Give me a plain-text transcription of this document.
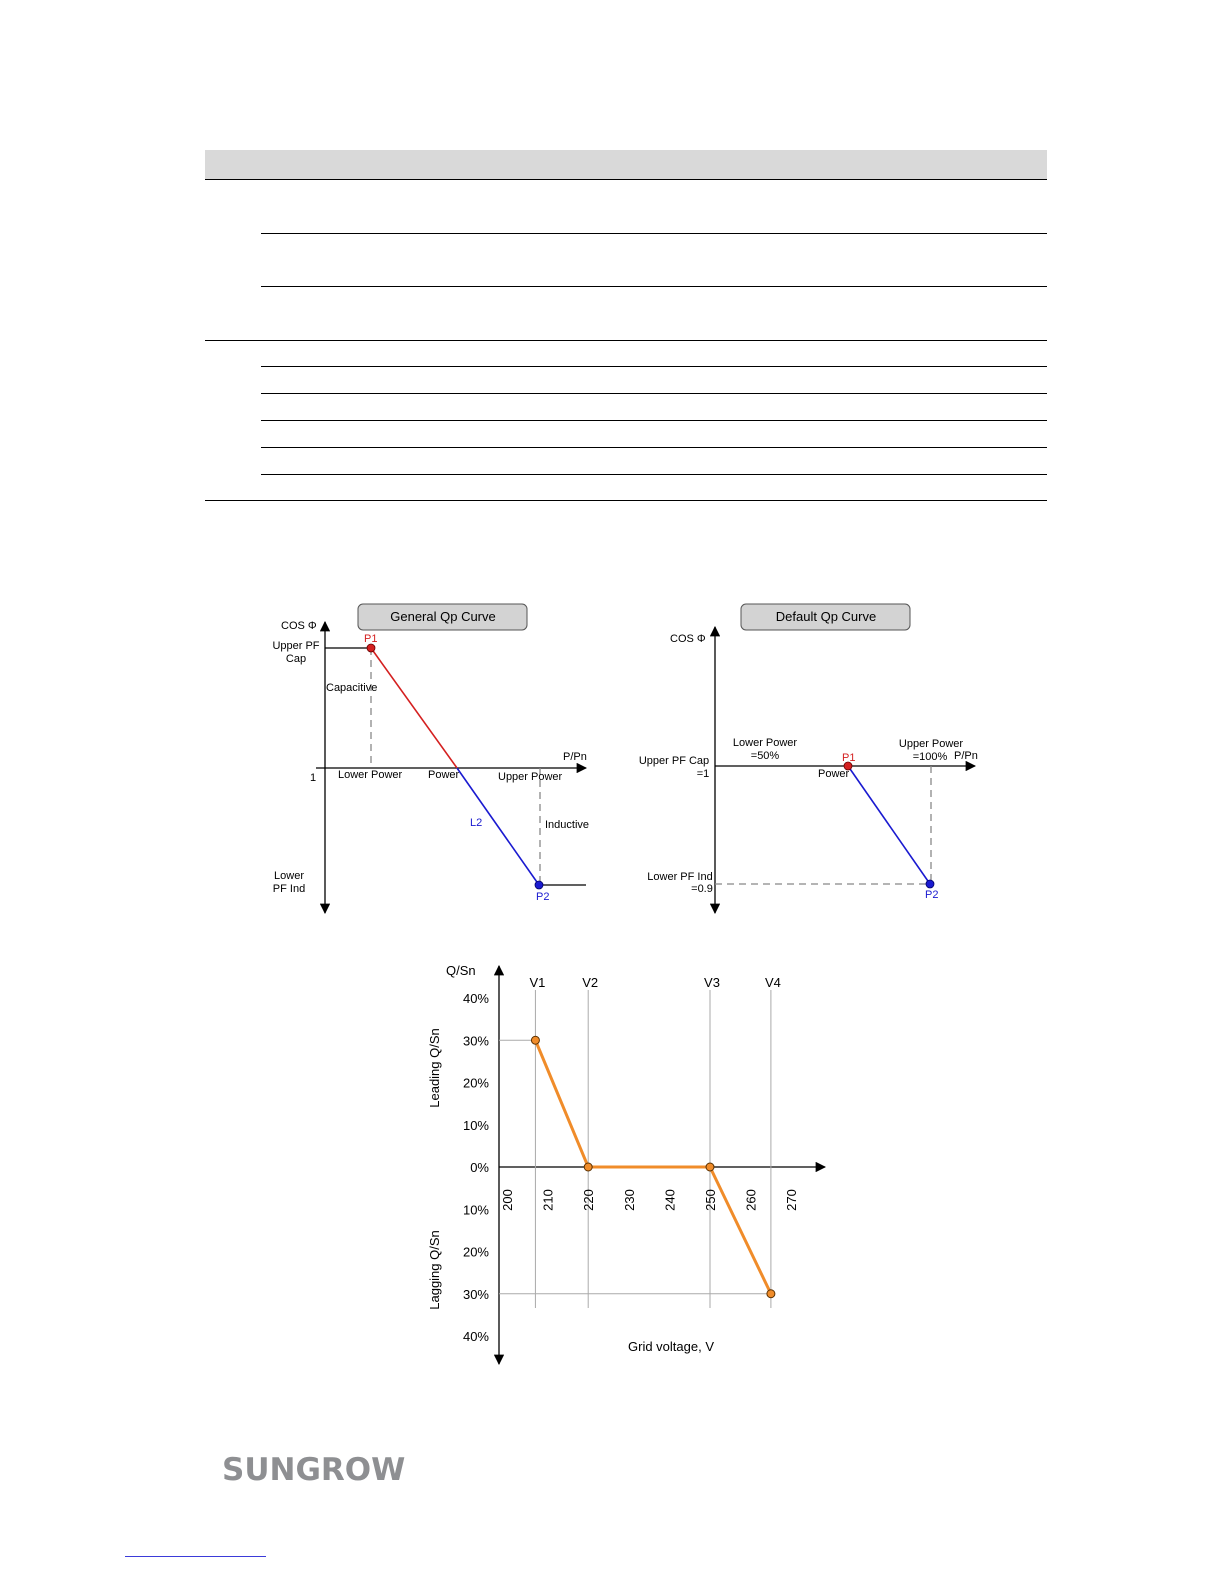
General Qp Curve
COS Φ
P/Pn
Upper PF
Cap
Lower
PF Ind
1
P1
P2
Capacitive
Inductive
Lower Power Power	Upper Power
L2
Default Qp Curve
COS Φ
P/Pn
Upper PF Cap
=1
Lower PF Ind
=0.9
Lower Power
=50%
Upper Power
=100%
P1
P2
Power
Q/Sn
Grid voltage, V
Leading Q/Sn
Lagging Q/Sn
40%
30%
20%
10%
0%
10%
20%
30%
40%
200 210 220 230 240 250 260 270
V1	V2	V3	V4
SUNGROW
